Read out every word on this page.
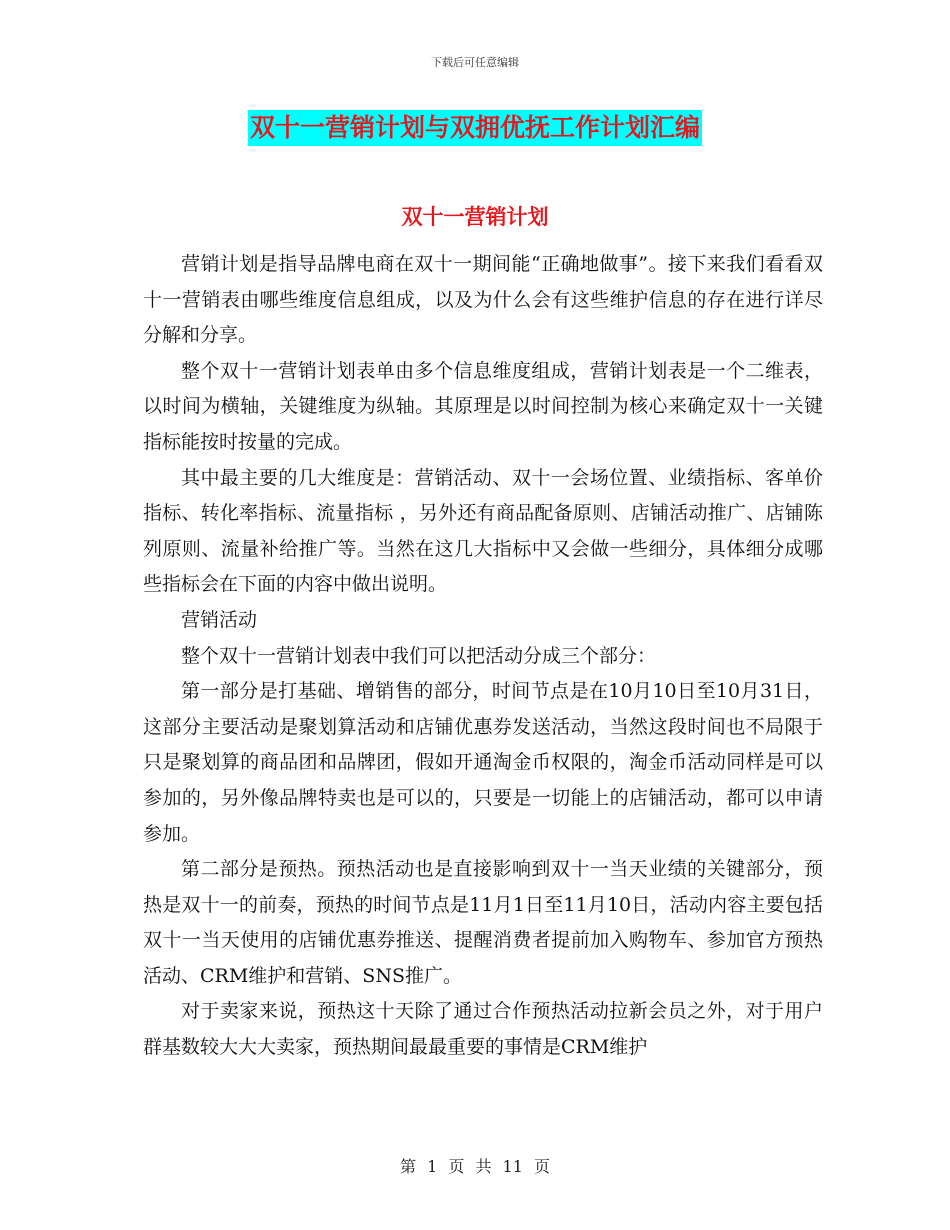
下载后可任意编辑
双十一营销计划与双拥优抚工作计划汇编
双十一营销计划

营销计划是指导品牌电商在双十一期间能“正确地做事”。接下来我们看看双十一营销表由哪些维度信息组成，以及为什么会有这些维护信息的存在进行详尽分解和分享。

整个双十一营销计划表单由多个信息维度组成，营销计划表是一个二维表，以时间为横轴，关键维度为纵轴。其原理是以时间控制为核心来确定双十一关键指标能按时按量的完成。

其中最主要的几大维度是：营销活动、双十一会场位置、业绩指标、客单价指标、转化率指标、流量指标 ，另外还有商品配备原则、店铺活动推广、店铺陈列原则、流量补给推广等。当然在这几大指标中又会做一些细分，具体细分成哪些指标会在下面的内容中做出说明。

营销活动

整个双十一营销计划表中我们可以把活动分成三个部分：

第一部分是打基础、增销售的部分，时间节点是在10月10日至10月31日，这部分主要活动是聚划算活动和店铺优惠券发送活动，当然这段时间也不局限于只是聚划算的商品团和品牌团，假如开通淘金币权限的，淘金币活动同样是可以参加的，另外像品牌特卖也是可以的，只要是一切能上的店铺活动，都可以申请参加。

第二部分是预热。预热活动也是直接影响到双十一当天业绩的关键部分，预热是双十一的前奏，预热的时间节点是11月1日至11月10日，活动内容主要包括双十一当天使用的店铺优惠券推送、提醒消费者提前加入购物车、参加官方预热活动、CRM维护和营销、SNS推广。

对于卖家来说，预热这十天除了通过合作预热活动拉新会员之外，对于用户群基数较大大大卖家，预热期间最最重要的事情是CRM维护

第 1 页 共 11 页
